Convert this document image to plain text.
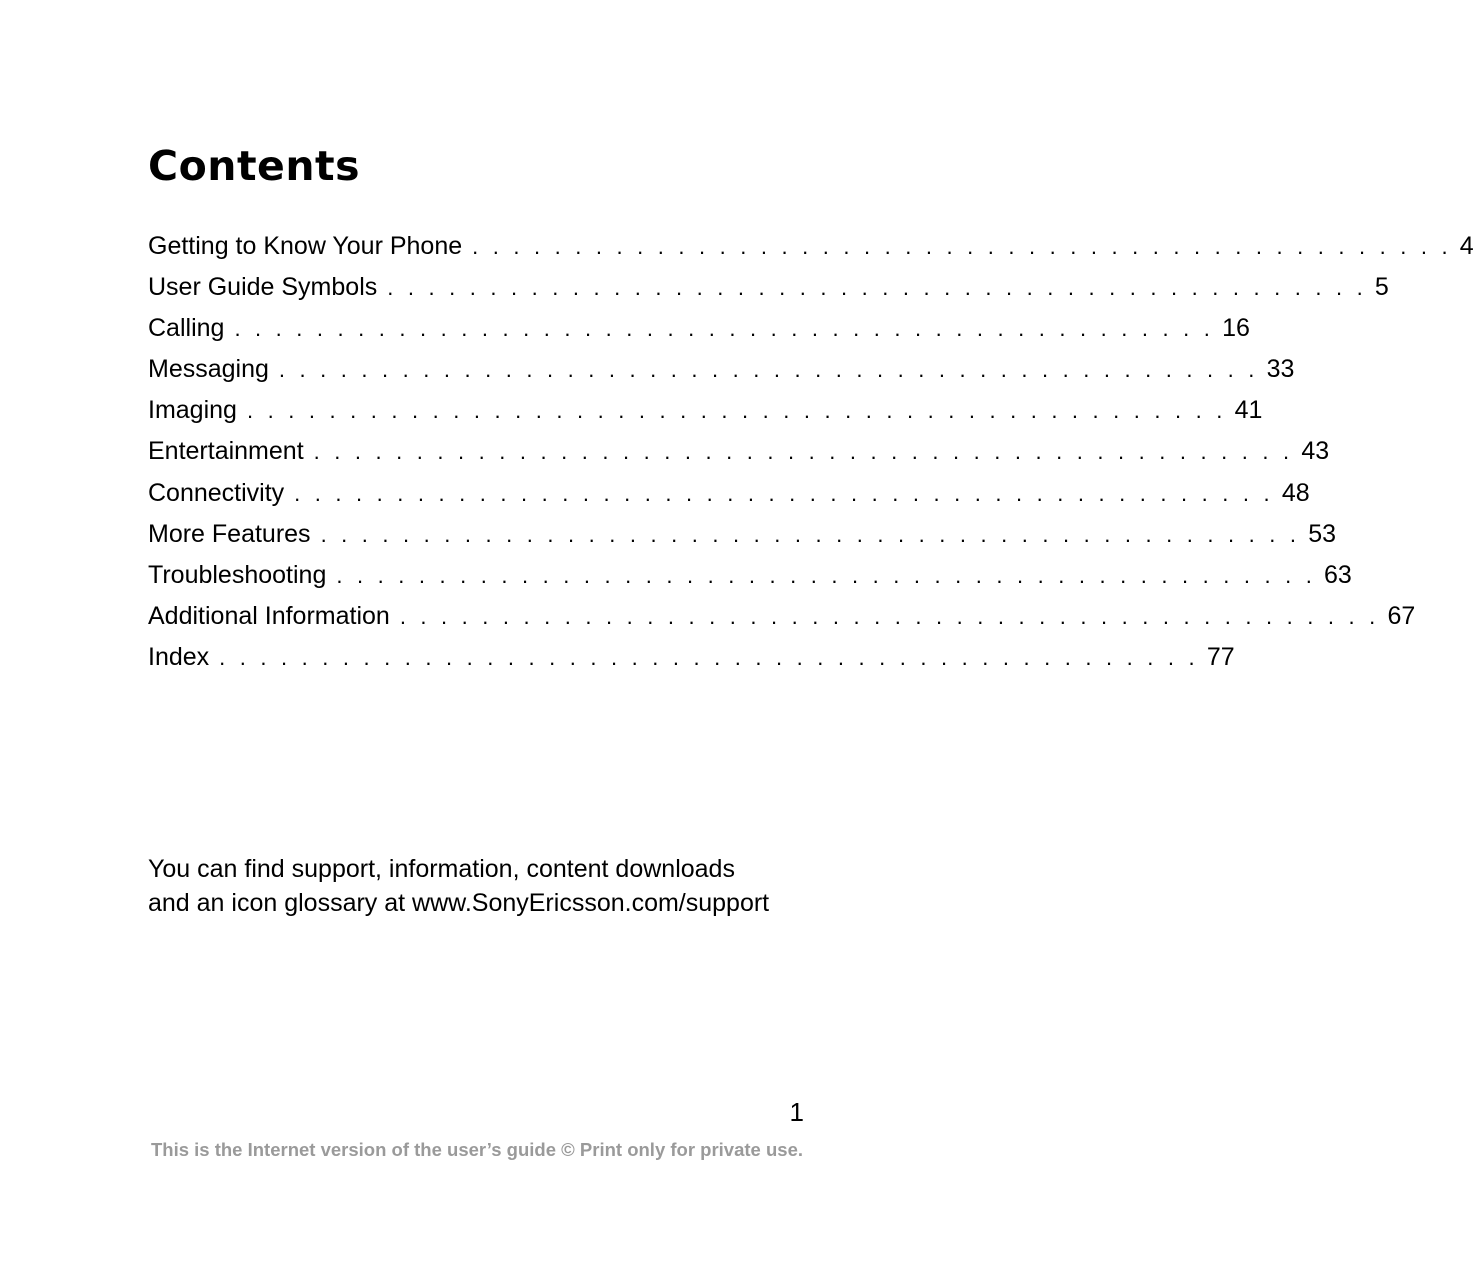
Contents
Getting to Know Your Phone . . . . . . . . . . . . . . . . . . . . . . . . . . . . . . . . . . . . . . . . . . . . . . . . 4
User Guide Symbols . . . . . . . . . . . . . . . . . . . . . . . . . . . . . . . . . . . . . . . . . . . . . . . . 5
Calling . . . . . . . . . . . . . . . . . . . . . . . . . . . . . . . . . . . . . . . . . . . . . . . . 16
Messaging . . . . . . . . . . . . . . . . . . . . . . . . . . . . . . . . . . . . . . . . . . . . . . . . 33
Imaging . . . . . . . . . . . . . . . . . . . . . . . . . . . . . . . . . . . . . . . . . . . . . . . . 41
Entertainment . . . . . . . . . . . . . . . . . . . . . . . . . . . . . . . . . . . . . . . . . . . . . . . . 43
Connectivity . . . . . . . . . . . . . . . . . . . . . . . . . . . . . . . . . . . . . . . . . . . . . . . . 48
More Features . . . . . . . . . . . . . . . . . . . . . . . . . . . . . . . . . . . . . . . . . . . . . . . . 53
Troubleshooting . . . . . . . . . . . . . . . . . . . . . . . . . . . . . . . . . . . . . . . . . . . . . . . . 63
Additional Information . . . . . . . . . . . . . . . . . . . . . . . . . . . . . . . . . . . . . . . . . . . . . . . . 67
Index . . . . . . . . . . . . . . . . . . . . . . . . . . . . . . . . . . . . . . . . . . . . . . . . 77

You can find support, information, content downloads
and an icon glossary at www.SonyEricsson.com/support

1
This is the Internet version of the user’s guide © Print only for private use.
